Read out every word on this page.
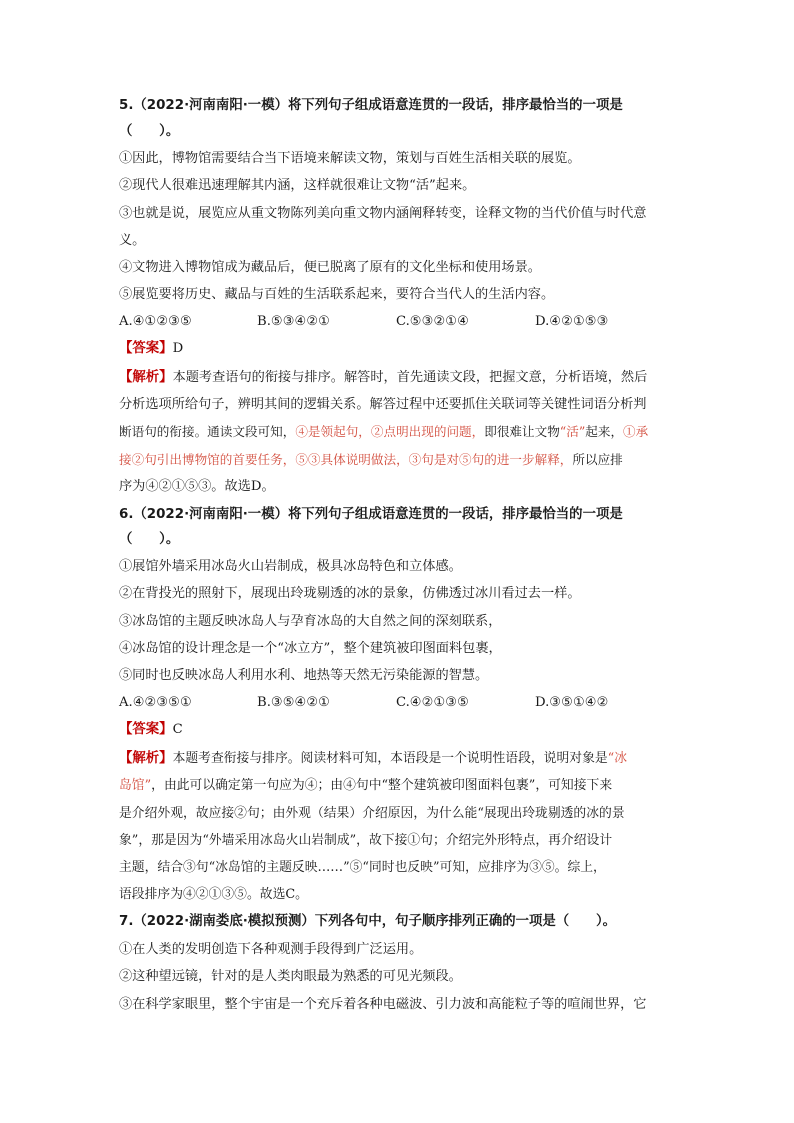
5.（2022·河南南阳·一模）将下列句子组成语意连贯的一段话，排序最恰当的一项是
（　　）。
①因此，博物馆需要结合当下语境来解读文物，策划与百姓生活相关联的展览。
②现代人很难迅速理解其内涵，这样就很难让文物“活”起来。
③也就是说，展览应从重文物陈列美向重文物内涵阐释转变，诠释文物的当代价值与时代意
义。
④文物进入博物馆成为藏品后，便已脱离了原有的文化坐标和使用场景。
⑤展览要将历史、藏品与百姓的生活联系起来，要符合当代人的生活内容。
A.④①②③⑤	B.⑤③④②①	C.⑤③②①④	D.④②①⑤③
【答案】D
【解析】本题考查语句的衔接与排序。解答时，首先通读文段，把握文意，分析语境，然后
分析选项所给句子，辨明其间的逻辑关系。解答过程中还要抓住关联词等关键性词语分析判
断语句的衔接。通读文段可知，④是领起句，②点明出现的问题，即很难让文物“活”起来，①承
接②句引出博物馆的首要任务，⑤③具体说明做法，③句是对⑤句的进一步解释，所以应排
序为④②①⑤③。故选D。
6.（2022·河南南阳·一模）将下列句子组成语意连贯的一段话，排序最恰当的一项是
（　　）。
①展馆外墙采用冰岛火山岩制成，极具冰岛特色和立体感。
②在背投光的照射下，展现出玲珑剔透的冰的景象，仿佛透过冰川看过去一样。
③冰岛馆的主题反映冰岛人与孕育冰岛的大自然之间的深刻联系，
④冰岛馆的设计理念是一个“冰立方”，整个建筑被印图面料包裹，
⑤同时也反映冰岛人利用水利、地热等天然无污染能源的智慧。
A.④②③⑤①	B.③⑤④②①	C.④②①③⑤	D.③⑤①④②
【答案】C
【解析】本题考查衔接与排序。阅读材料可知，本语段是一个说明性语段，说明对象是“冰
岛馆”，由此可以确定第一句应为④；由④句中“整个建筑被印图面料包裹”，可知接下来
是介绍外观，故应接②句；由外观（结果）介绍原因，为什么能“展现出玲珑剔透的冰的景
象”，那是因为“外墙采用冰岛火山岩制成”，故下接①句；介绍完外形特点，再介绍设计
主题，结合③句“冰岛馆的主题反映……”⑤“同时也反映”可知，应排序为③⑤。综上，
语段排序为④②①③⑤。故选C。
7.（2022·湖南娄底·模拟预测）下列各句中，句子顺序排列正确的一项是（　　）。
①在人类的发明创造下各种观测手段得到广泛运用。
②这种望远镜，针对的是人类肉眼最为熟悉的可见光频段。
③在科学家眼里，整个宇宙是一个充斥着各种电磁波、引力波和高能粒子等的喧闹世界，它
